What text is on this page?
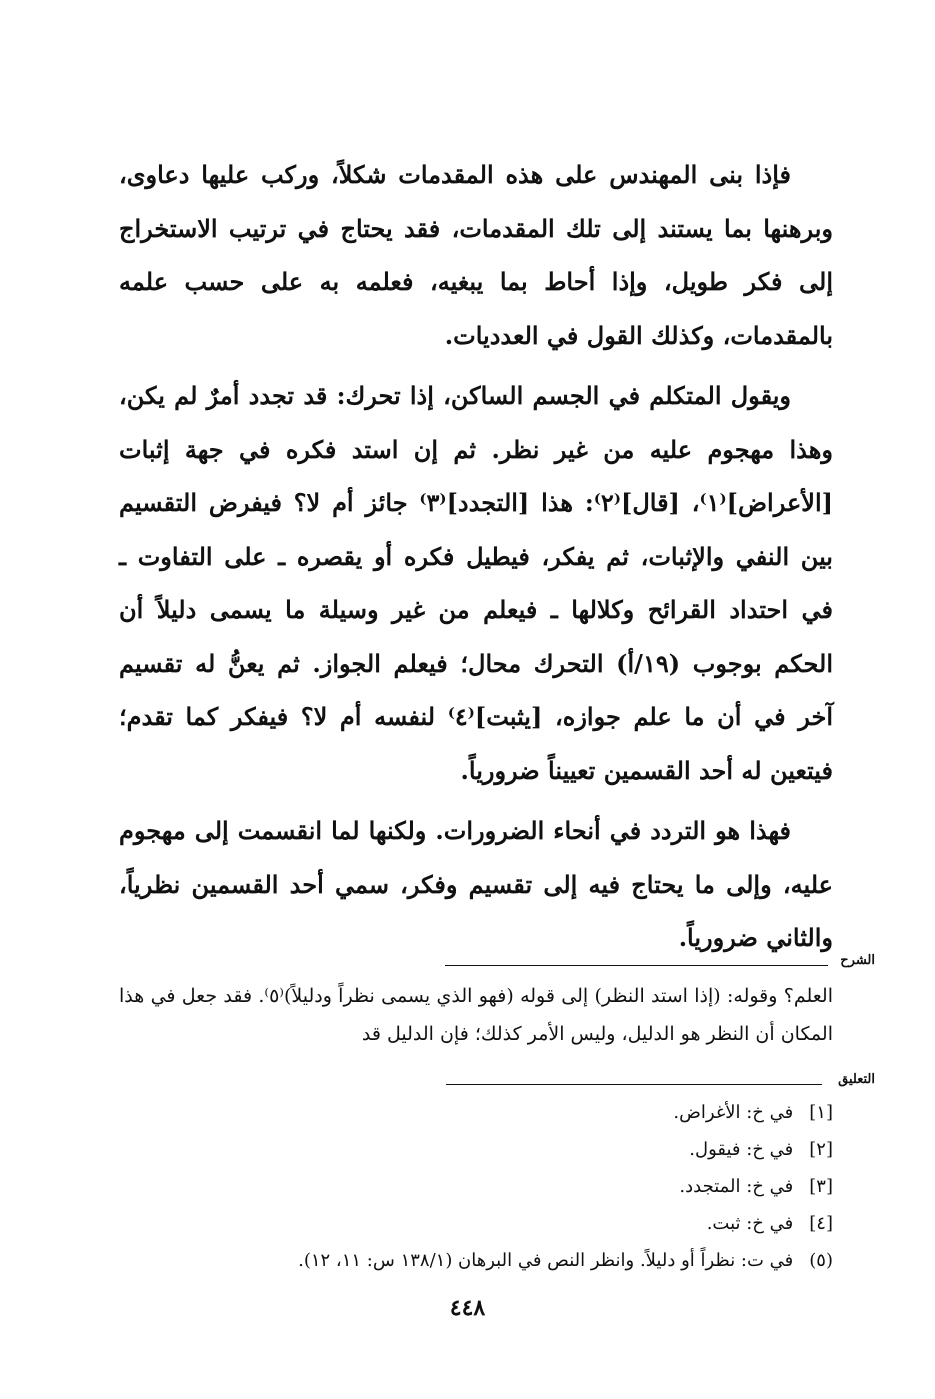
فإذا بنى المهندس على هذه المقدمات شكلاً، وركب عليها دعاوى، وبرهنها بما يستند إلى تلك المقدمات، فقد يحتاج في ترتيب الاستخراج إلى فكر طويل، وإذا أحاط بما يبغيه، فعلمه به على حسب علمه بالمقدمات، وكذلك القول في العدديات.

ويقول المتكلم في الجسم الساكن، إذا تحرك: قد تجدد أمرٌ لم يكن، وهذا مهجوم عليه من غير نظر. ثم إن استد فكره في جهة إثبات [الأعراض]⁽١⁾، [قال]⁽٢⁾: هذا [التجدد]⁽٣⁾ جائز أم لا؟ فيفرض التقسيم بين النفي والإثبات، ثم يفكر، فيطيل فكره أو يقصره ـ على التفاوت ـ في احتداد القرائح وكلالها ـ فيعلم من غير وسيلة ما يسمى دليلاً أن الحكم بوجوب (١٩/أ) التحرك محال؛ فيعلم الجواز. ثم يعنُّ له تقسيم آخر في أن ما علم جوازه، [يثبت]⁽٤⁾ لنفسه أم لا؟ فيفكر كما تقدم؛ فيتعين له أحد القسمين تعييناً ضرورياً.

فهذا هو التردد في أنحاء الضرورات. ولكنها لما انقسمت إلى مهجوم عليه، وإلى ما يحتاج فيه إلى تقسيم وفكر، سمي أحد القسمين نظرياً، والثاني ضرورياً.

الشرح

العلم؟ وقوله: (إذا استد النظر) إلى قوله (فهو الذي يسمى نظراً ودليلاً)⁽٥⁾. فقد جعل في هذا المكان أن النظر هو الدليل، وليس الأمر كذلك؛ فإن الدليل قد

التعليق
[١] في خ: الأغراض.
[٢] في خ: فيقول.
[٣] في خ: المتجدد.
[٤] في خ: ثبت.
(٥) في ت: نظراً أو دليلاً. وانظر النص في البرهان (١٣٨/١ س: ١١، ١٢).
٤٤٨
